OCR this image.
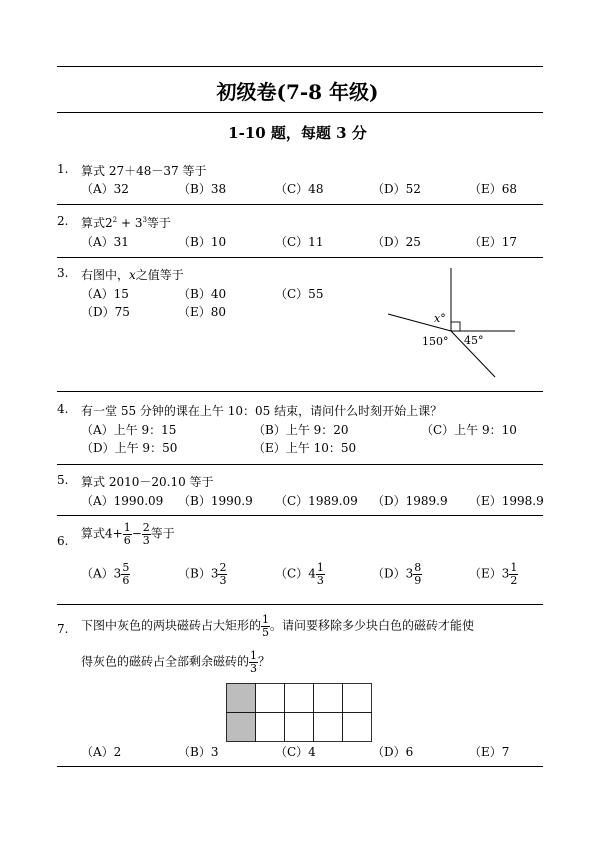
初级卷(7-8 年级)
1-10 题，每题 3 分
1. 算式 27＋48－37 等于
（A）32	（B）38	（C）48	（D）52	（E）68
2. 算式$2^2 + 3^3$等于
（A）31	（B）10	（C）11	（D）25	（E）17
3. 右图中，x之值等于
（A）15	（B）40	（C）55
（D）75	（E）80	x°
150° 45°
4. 有一堂 55 分钟的课在上午 10：05 结束，请问什么时刻开始上课？
（A）上午 9：15	（B）上午 9：20	（C）上午 9：10
（D）上午 9：50	（E）上午 10：50
5. 算式 2010－20.10 等于
（A）1990.09 （B）1990.9 （C）1989.09 （D）1989.9 （E）1998.9
6.
算式$4+ \frac{1}{6} - \frac{2}{3}$ 等于
$(A)3 \frac{5}{6}$	$(B)3 \frac{2}{3}$	$(C)4 \frac{1}{3}$	$(D)3 \frac{8}{9}$	$(E)3 \frac{1}{2}$
7. 下图中灰色的两块磁砖占大矩形的 $\frac{1}{5}$ 。请问要移除多少块白色的磁砖才能使
得灰色的磁砖占全部剩余磁砖的 $\frac{1}{3}$ ？
（A）2	（B）3	（C）4	（D）6	（E）7
